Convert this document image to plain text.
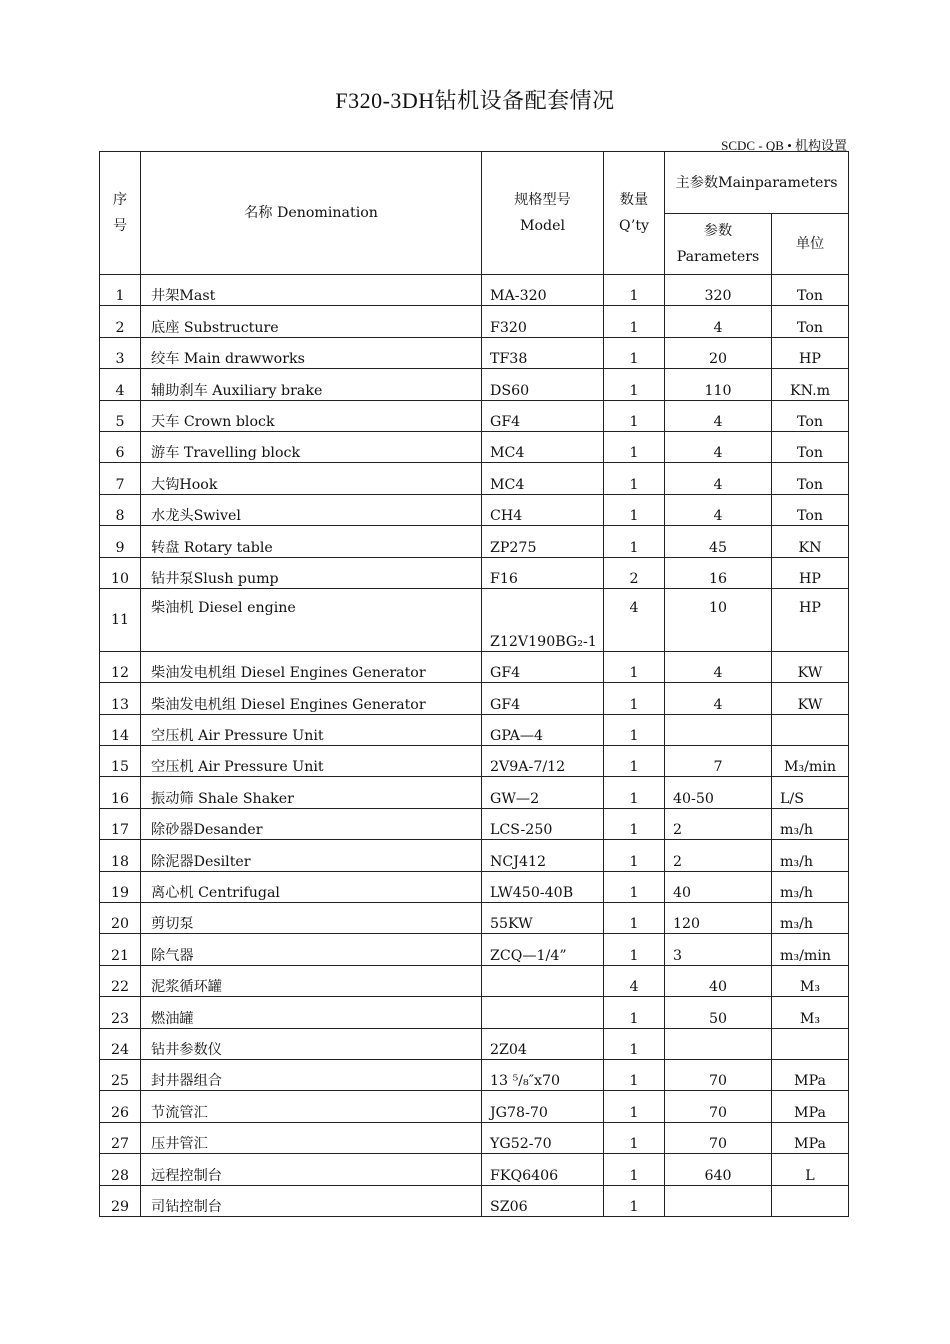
F320-3DH钻机设备配套情况
SCDC - QB • 机构设置
序号	名称 Denomination	规格型号 Model	数量 Q’ty	主参数Mainparameters	
				参数 Parameters	单位
1	井架Mast	MA-320	1	320	Ton
2	底座 Substructure	F320	1	4	Ton
3	绞车 Main drawworks	TF38	1	20	HP
4	辅助刹车 Auxiliary brake	DS60	1	110	KN.m
5	天车 Crown block	GF4	1	4	Ton
6	游车 Travelling block	MC4	1	4	Ton
7	大钩Hook	MC4	1	4	Ton
8	水龙头Swivel	CH4	1	4	Ton
9	转盘 Rotary table	ZP275	1	45	KN
10	钻井泵Slush pump	F16	2	16	HP
11	柴油机 Diesel engine	Z12V190BG₂-1	4	10	HP
12	柴油发电机组 Diesel Engines Generator	GF4	1	4	KW
13	柴油发电机组 Diesel Engines Generator	GF4	1	4	KW
14	空压机 Air Pressure Unit	GPA—4	1		
15	空压机 Air Pressure Unit	2V9A-7/12	1	7	M₃/min
16	振动筛 Shale Shaker	GW—2	1	40-50	L/S
17	除砂器Desander	LCS-250	1	2	m₃/h
18	除泥器Desilter	NCJ412	1	2	m₃/h
19	离心机 Centrifugal	LW450-40B	1	40	m₃/h
20	剪切泵	55KW	1	120	m₃/h
21	除气器	ZCQ—1/4”	1	3	m₃/min
22	泥浆循环罐		4	40	M₃
23	燃油罐		1	50	M₃
24	钻井参数仪	2Z04	1		
25	封井器组合	13 ⁵/₈″x70	1	70	MPa
26	节流管汇	JG78-70	1	70	MPa
27	压井管汇	YG52-70	1	70	MPa
28	远程控制台	FKQ6406	1	640	L
29	司钻控制台	SZ06	1		
